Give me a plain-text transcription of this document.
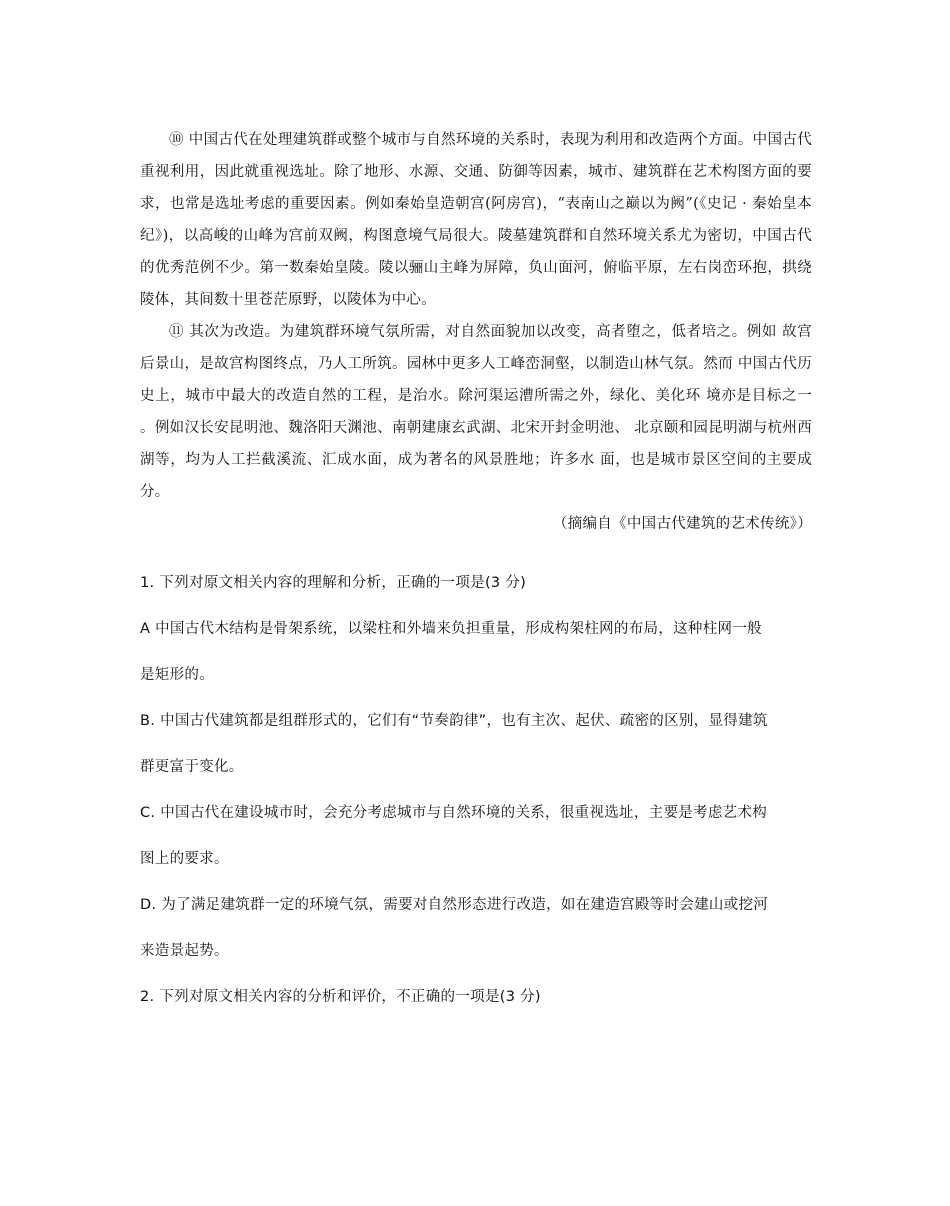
⑩ 中国古代在处理建筑群或整个城市与自然环境的关系时，表现为利用和改造两个方面。中国古代重视利用，因此就重视选址。除了地形、水源、交通、防御等因素，城市、建筑群在艺术构图方面的要求，也常是选址考虑的重要因素。例如秦始皇造朝宫(阿房宫)，“表南山之巅以为阙”(《史记 · 秦始皇本纪》)，以高峻的山峰为宫前双阙，构图意境气局很大。陵墓建筑群和自然环境关系尤为密切，中国古代的优秀范例不少。第一数秦始皇陵。陵以骊山主峰为屏障，负山面河，俯临平原，左右岗峦环抱，拱绕陵体，其间数十里苍茫原野，以陵体为中心。

⑪ 其次为改造。为建筑群环境气氛所需，对自然面貌加以改变，高者堕之，低者培之。例如 故宫后景山，是故宫构图终点，乃人工所筑。园林中更多人工峰峦洞壑，以制造山林气氛。然而 中国古代历史上，城市中最大的改造自然的工程，是治水。除河渠运漕所需之外，绿化、美化环 境亦是目标之一 。例如汉长安昆明池、魏洛阳天渊池、南朝建康玄武湖、北宋开封金明池、 北京颐和园昆明湖与杭州西湖等，均为人工拦截溪流、汇成水面，成为著名的风景胜地；许多水 面，也是城市景区空间的主要成分。

（摘编自《中国古代建筑的艺术传统》）

1. 下列对原文相关内容的理解和分析，正确的一项是(3 分)

A 中国古代木结构是骨架系统，以梁柱和外墙来负担重量，形成构架柱网的布局，这种柱网一般

是矩形的。

B. 中国古代建筑都是组群形式的，它们有“节奏韵律”，也有主次、起伏、疏密的区别，显得建筑

群更富于变化。

C. 中国古代在建设城市时，会充分考虑城市与自然环境的关系，很重视选址，主要是考虑艺术构

图上的要求。

D. 为了满足建筑群一定的环境气氛，需要对自然形态进行改造，如在建造宫殿等时会建山或挖河

来造景起势。

2. 下列对原文相关内容的分析和评价，不正确的一项是(3 分)
